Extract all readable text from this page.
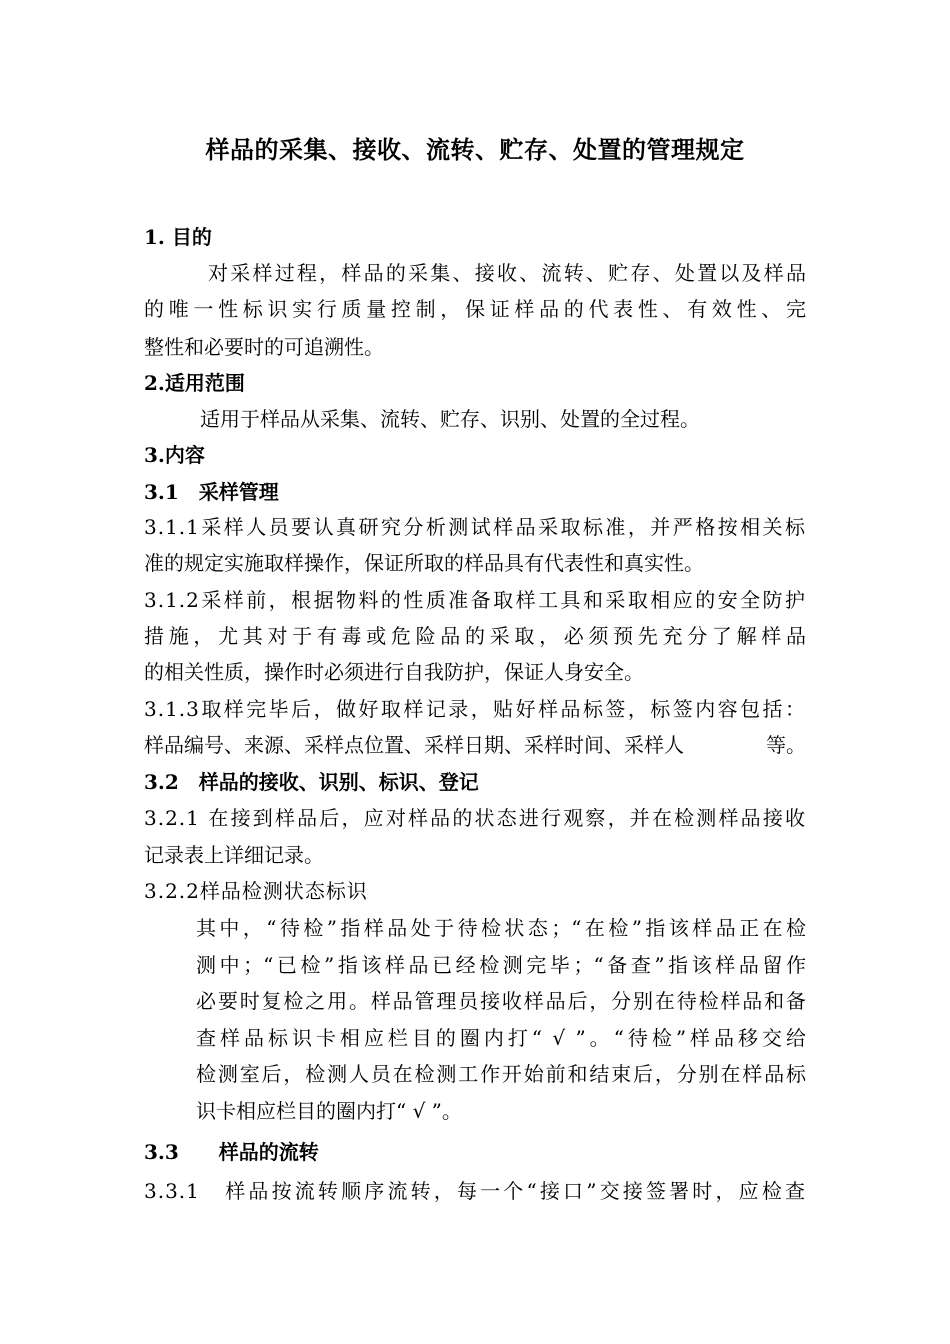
样品的采集、接收、流转、贮存、处置的管理规定
1. 目的
对采样过程，样品的采集、接收、流转、贮存、处置以及样品
的唯一性标识实行质量控制，保证样品的代表性、有效性、完
整性和必要时的可追溯性。
2.适用范围
适用于样品从采集、流转、贮存、识别、处置的全过程。
3.内容
3.1　采样管理
3.1.1采样人员要认真研究分析测试样品采取标准，并严格按相关标
准的规定实施取样操作，保证所取的样品具有代表性和真实性。
3.1.2采样前，根据物料的性质准备取样工具和采取相应的安全防护
措施，尤其对于有毒或危险品的采取，必须预先充分了解样品
的相关性质，操作时必须进行自我防护，保证人身安全。
3.1.3取样完毕后，做好取样记录，贴好样品标签，标签内容包括：
样品编号、来源、采样点位置、采样日期、采样时间、采样人	等。
3.2　样品的接收、识别、标识、登记
3.2.1 在接到样品后，应对样品的状态进行观察，并在检测样品接收
记录表上详细记录。
3.2.2样品检测状态标识
其中，“待检”指样品处于待检状态；“在检”指该样品正在检
测中；“已检”指该样品已经检测完毕；“备查”指该样品留作
必要时复检之用。样品管理员接收样品后，分别在待检样品和备
查样品标识卡相应栏目的圈内打“ √ ”。“待检”样品移交给
检测室后，检测人员在检测工作开始前和结束后，分别在样品标
识卡相应栏目的圈内打“ √ ”。
3.3　　样品的流转
3.3.1　样品按流转顺序流转，每一个“接口”交接签署时，应检查
